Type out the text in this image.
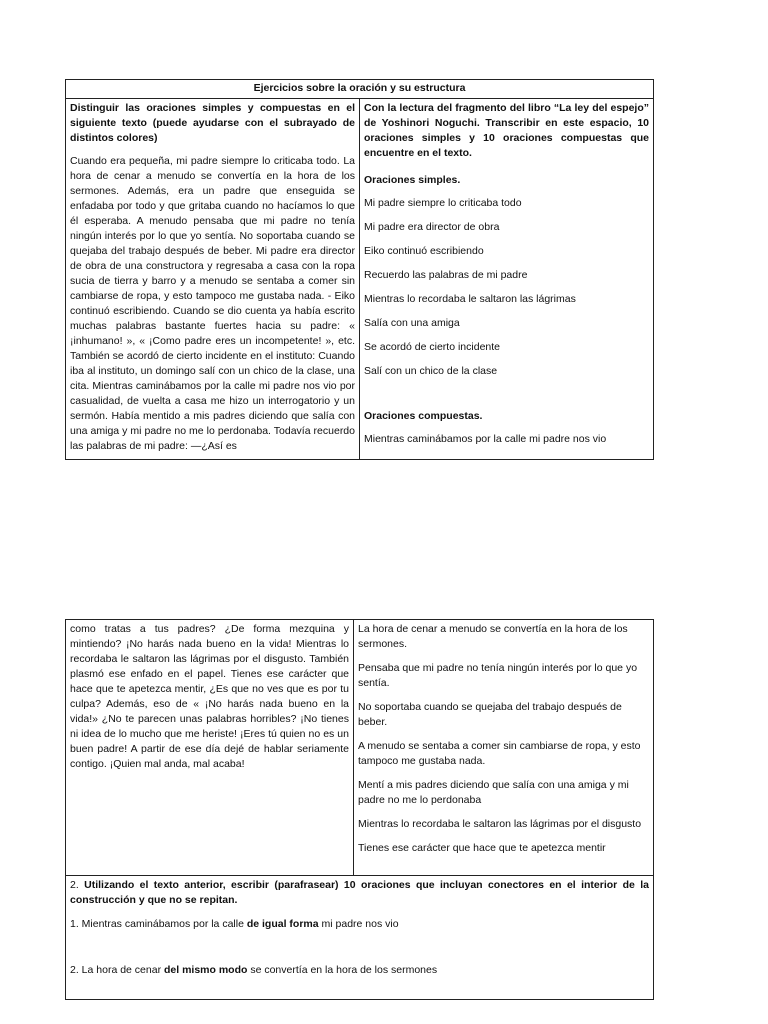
Ejercicios sobre la oración y su estructura

Distinguir las oraciones simples y compuestas en el siguiente texto (puede ayudarse con el subrayado de distintos colores)

Cuando era pequeña, mi padre siempre lo criticaba todo. La hora de cenar a menudo se convertía en la hora de los sermones. Además, era un padre que enseguida se enfadaba por todo y que gritaba cuando no hacíamos lo que él esperaba. A menudo pensaba que mi padre no tenía ningún interés por lo que yo sentía. No soportaba cuando se quejaba del trabajo después de beber. Mi padre era director de obra de una constructora y regresaba a casa con la ropa sucia de tierra y barro y a menudo se sentaba a comer sin cambiarse de ropa, y esto tampoco me gustaba nada. - Eiko continuó escribiendo. Cuando se dio cuenta ya había escrito muchas palabras bastante fuertes hacia su padre: « ¡inhumano! », « ¡Como padre eres un incompetente! », etc. También se acordó de cierto incidente en el instituto: Cuando iba al instituto, un domingo salí con un chico de la clase, una cita. Mientras caminábamos por la calle mi padre nos vio por casualidad, de vuelta a casa me hizo un interrogatorio y un sermón. Había mentido a mis padres diciendo que salía con una amiga y mi padre no me lo perdonaba. Todavía recuerdo las palabras de mi padre: —¿Así es

Con la lectura del fragmento del libro “La ley del espejo” de Yoshinori Noguchi. Transcribir en este espacio, 10 oraciones simples y 10 oraciones compuestas que encuentre en el texto.

Oraciones simples.

Mi padre siempre lo criticaba todo

Mi padre era director de obra

Eiko continuó escribiendo

Recuerdo las palabras de mi padre

Mientras lo recordaba le saltaron las lágrimas

Salía con una amiga

Se acordó de cierto incidente

Salí con un chico de la clase

Oraciones compuestas.

Mientras caminábamos por la calle mi padre nos vio

como tratas a tus padres? ¿De forma mezquina y mintiendo? ¡No harás nada bueno en la vida! Mientras lo recordaba le saltaron las lágrimas por el disgusto. También plasmó ese enfado en el papel. Tienes ese carácter que hace que te apetezca mentir, ¿Es que no ves que es por tu culpa? Además, eso de « ¡No harás nada bueno en la vida!» ¿No te parecen unas palabras horribles? ¡No tienes ni idea de lo mucho que me heriste! ¡Eres tú quien no es un buen padre! A partir de ese día dejé de hablar seriamente contigo. ¡Quien mal anda, mal acaba!

La hora de cenar a menudo se convertía en la hora de los sermones.

Pensaba que mi padre no tenía ningún interés por lo que yo sentía.

No soportaba cuando se quejaba del trabajo después de beber.

A menudo se sentaba a comer sin cambiarse de ropa, y esto tampoco me gustaba nada.

Mentí a mis padres diciendo que salía con una amiga y mi padre no me lo perdonaba

Mientras lo recordaba le saltaron las lágrimas por el disgusto

Tienes ese carácter que hace que te apetezca mentir

2. Utilizando el texto anterior, escribir (parafrasear) 10 oraciones que incluyan conectores en el interior de la construcción y que no se repitan.

1. Mientras caminábamos por la calle de igual forma mi padre nos vio

2. La hora de cenar del mismo modo se convertía en la hora de los sermones
